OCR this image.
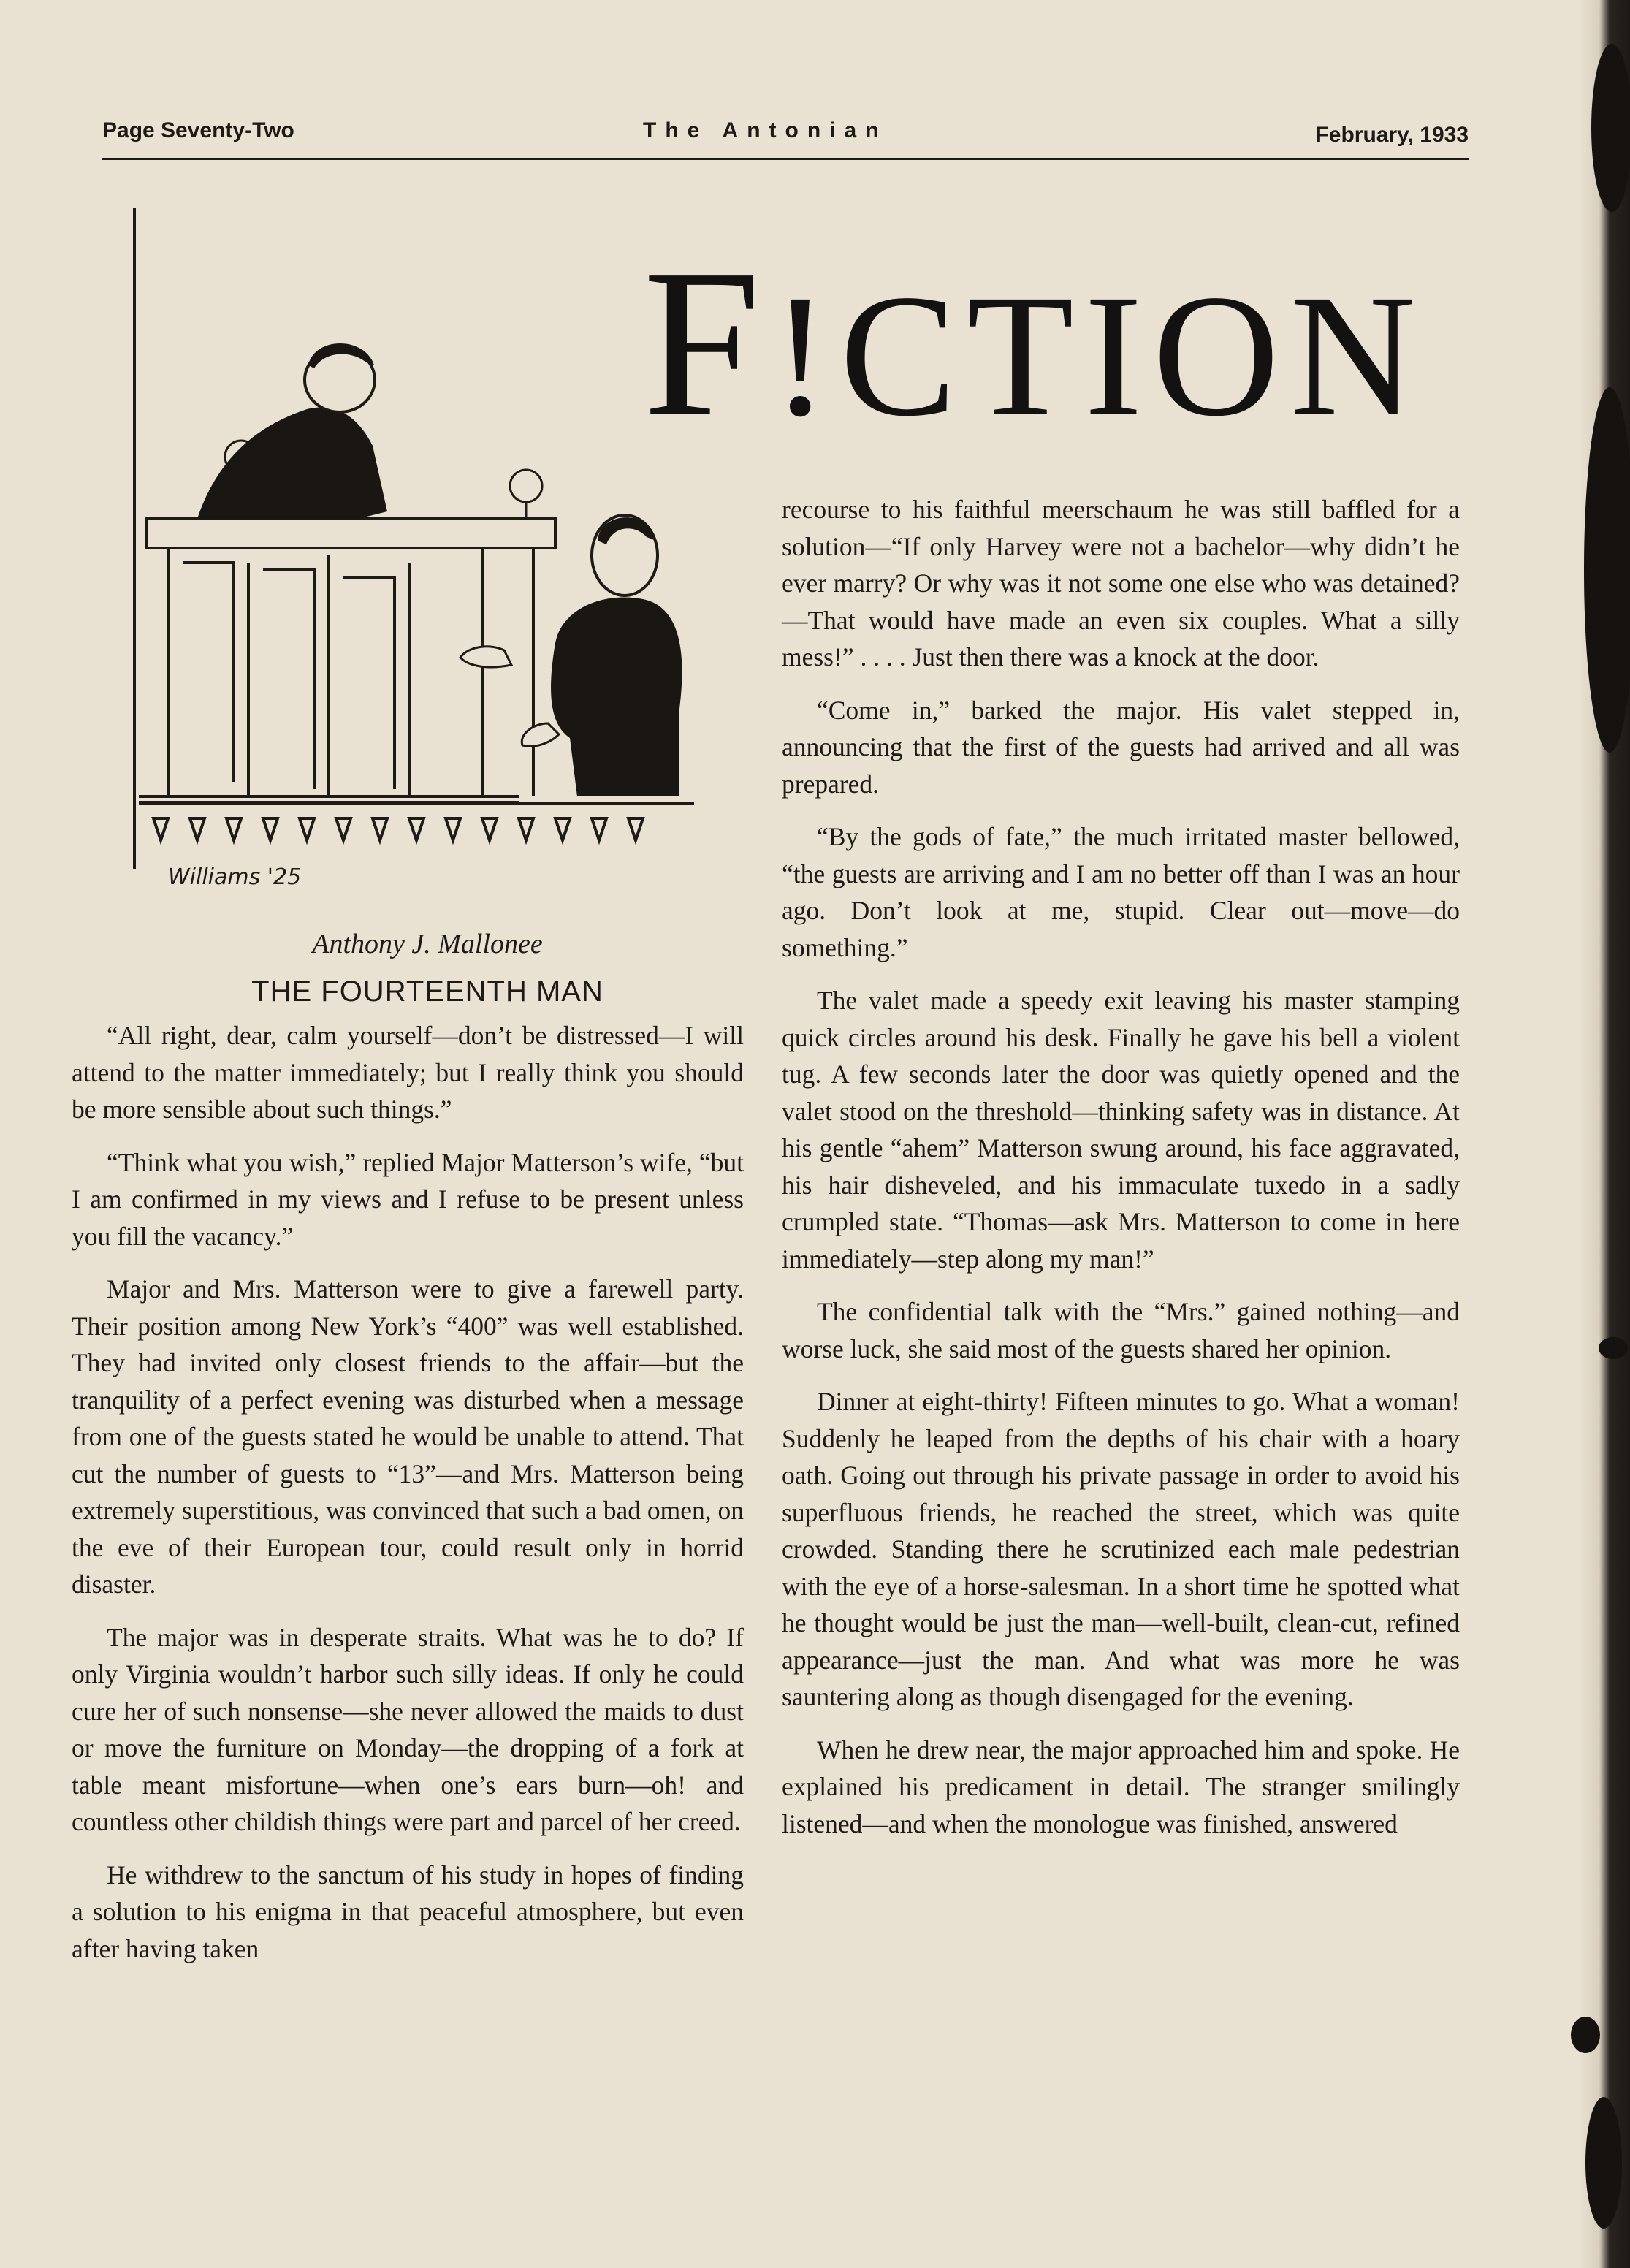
Page Seventy-Two	The Antonian	February, 1933
Williams '25
F!CTION
Anthony J. Mallonee
THE FOURTEENTH MAN

“All right, dear, calm yourself—don’t be distressed—I will attend to the matter immediately; but I really think you should be more sensible about such things.”

“Think what you wish,” replied Major Matterson’s wife, “but I am confirmed in my views and I refuse to be present unless you fill the vacancy.”

Major and Mrs. Matterson were to give a farewell party. Their position among New York’s “400” was well established. They had invited only closest friends to the affair—but the tranquility of a perfect evening was disturbed when a message from one of the guests stated he would be unable to attend. That cut the number of guests to “13”—and Mrs. Matterson being extremely superstitious, was convinced that such a bad omen, on the eve of their European tour, could result only in horrid disaster.

The major was in desperate straits. What was he to do? If only Virginia wouldn’t harbor such silly ideas. If only he could cure her of such nonsense—she never allowed the maids to dust or move the furniture on Monday—the dropping of a fork at table meant misfortune—when one’s ears burn—oh! and countless other childish things were part and parcel of her creed.

He withdrew to the sanctum of his study in hopes of finding a solution to his enigma in that peaceful atmosphere, but even after having taken

recourse to his faithful meerschaum he was still baffled for a solution—“If only Harvey were not a bachelor—why didn’t he ever marry? Or why was it not some one else who was detained? —That would have made an even six couples. What a silly mess!” . . . . Just then there was a knock at the door.

“Come in,” barked the major. His valet stepped in, announcing that the first of the guests had arrived and all was prepared.

“By the gods of fate,” the much irritated master bellowed, “the guests are arriving and I am no better off than I was an hour ago. Don’t look at me, stupid. Clear out—move—do something.”

The valet made a speedy exit leaving his master stamping quick circles around his desk. Finally he gave his bell a violent tug. A few seconds later the door was quietly opened and the valet stood on the threshold—thinking safety was in distance. At his gentle “ahem” Matterson swung around, his face aggravated, his hair disheveled, and his immaculate tuxedo in a sadly crumpled state. “Thomas—ask Mrs. Matterson to come in here immediately—step along my man!”

The confidential talk with the “Mrs.” gained nothing—and worse luck, she said most of the guests shared her opinion.

Dinner at eight-thirty! Fifteen minutes to go. What a woman! Suddenly he leaped from the depths of his chair with a hoary oath. Going out through his private passage in order to avoid his superfluous friends, he reached the street, which was quite crowded. Standing there he scrutinized each male pedestrian with the eye of a horse-salesman. In a short time he spotted what he thought would be just the man—well-built, clean-cut, refined appearance—just the man. And what was more he was sauntering along as though disengaged for the evening.

When he drew near, the major approached him and spoke. He explained his predicament in detail. The stranger smilingly listened—and when the monologue was finished, answered
